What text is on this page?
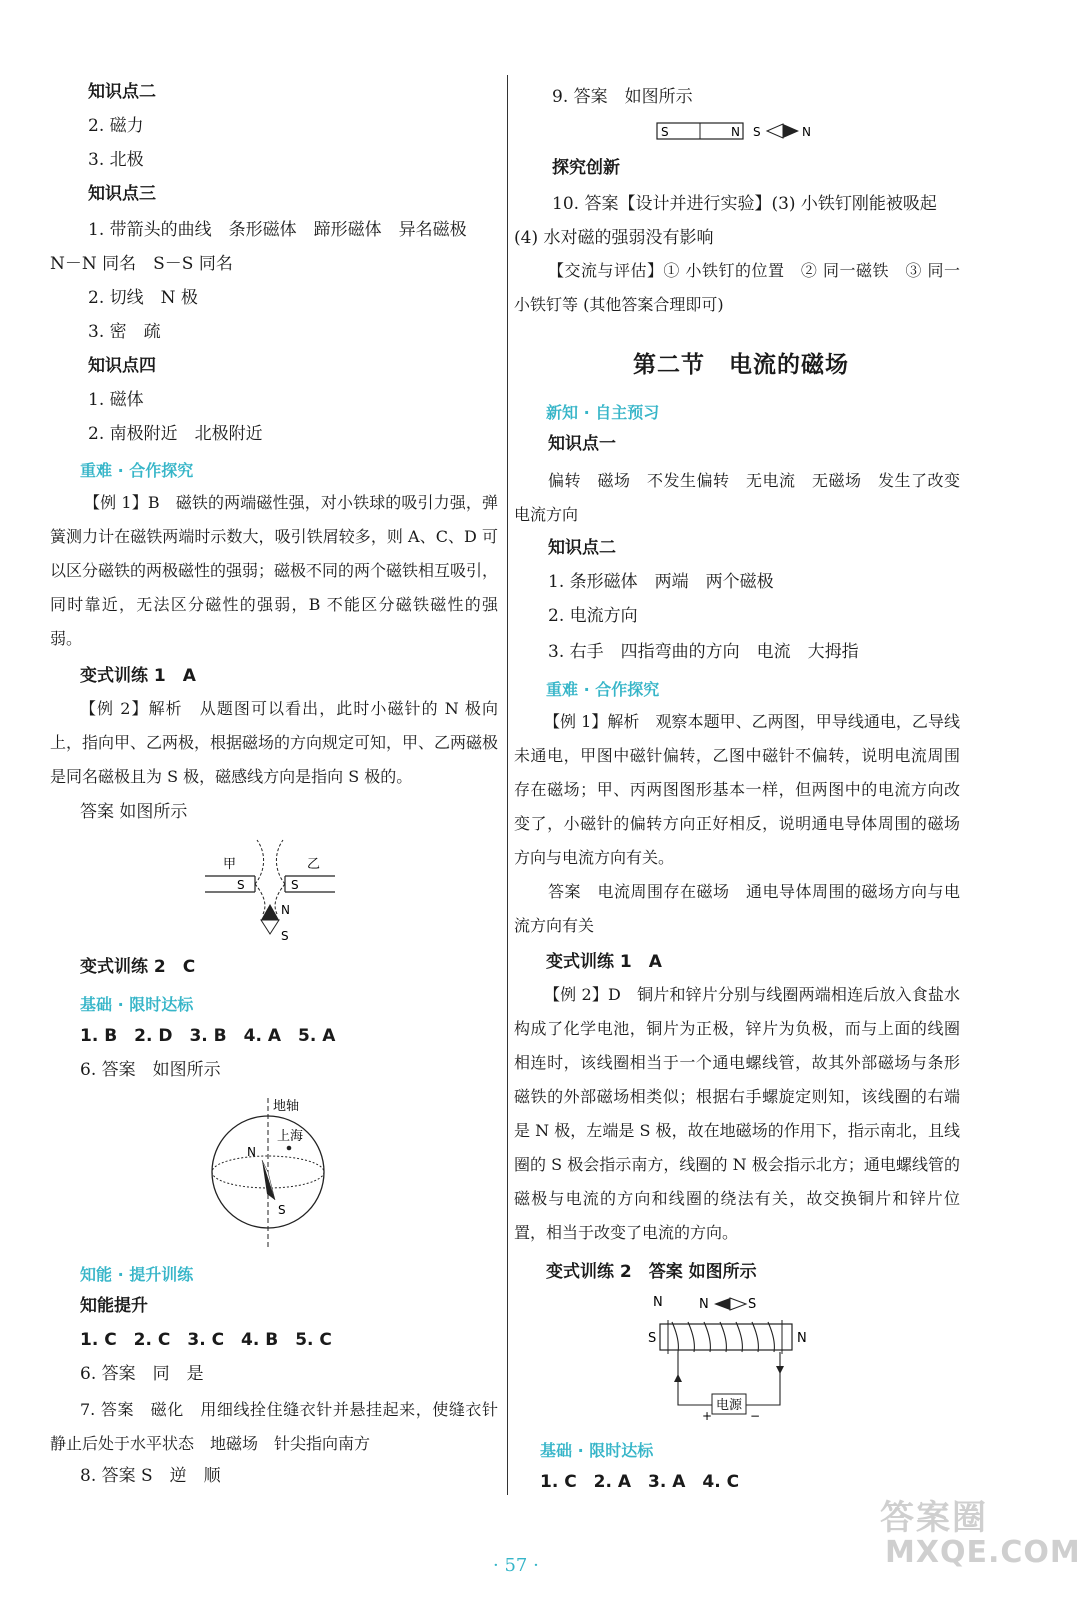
知识点二
2. 磁力
3. 北极
知识点三
1. 带箭头的曲线　条形磁体　蹄形磁体　异名磁极
N－N 同名　S－S 同名
2. 切线　N 极
3. 密　疏
知识点四
1. 磁体
2. 南极附近　北极附近
重难 · 合作探究
【例 1】B　磁铁的两端磁性强，对小铁球的吸引力强，弹簧测力计在磁铁两端时示数大，吸引铁屑较多，则 A、C、D 可以区分磁铁的两极磁性的强弱；磁极不同的两个磁铁相互吸引，同时靠近，无法区分磁性的强弱，B 不能区分磁铁磁性的强弱。
变式训练 1　A
【例 2】解析　从题图可以看出，此时小磁针的 N 极向上，指向甲、乙两极，根据磁场的方向规定可知，甲、乙两磁极是同名磁极且为 S 极，磁感线方向是指向 S 极的。
答案 如图所示
甲	乙
S	S
N
S
变式训练 2　C
基础 · 限时达标
1. B　2. D　3. B　4. A　5. A
6. 答案　如图所示
地轴
上海
N
S
知能 · 提升训练
知能提升
1. C　2. C　3. C　4. B　5. C
6. 答案　同　是
7. 答案　磁化　用细线拴住缝衣针并悬挂起来，使缝衣针静止后处于水平状态　地磁场　针尖指向南方
8. 答案 S　逆　顺
9. 答案　如图所示
S	N S	N
探究创新
10. 答案【设计并进行实验】(3) 小铁钉刚能被吸起
(4) 水对磁的强弱没有影响
【交流与评估】① 小铁钉的位置　② 同一磁铁　③ 同一小铁钉等 (其他答案合理即可)
第二节　电流的磁场
新知 · 自主预习
知识点一
偏转　磁场　不发生偏转　无电流　无磁场　发生了改变　电流方向
知识点二
1. 条形磁体　两端　两个磁极
2. 电流方向
3. 右手　四指弯曲的方向　电流　大拇指
重难 · 合作探究
【例 1】解析　观察本题甲、乙两图，甲导线通电，乙导线未通电，甲图中磁针偏转，乙图中磁针不偏转，说明电流周围存在磁场；甲、丙两图图形基本一样，但两图中的电流方向改变了，小磁针的偏转方向正好相反，说明通电导体周围的磁场方向与电流方向有关。
答案　电流周围存在磁场　通电导体周围的磁场方向与电流方向有关
变式训练 1　A
【例 2】D　铜片和锌片分别与线圈两端相连后放入食盐水构成了化学电池，铜片为正极，锌片为负极，而与上面的线圈相连时，该线圈相当于一个通电螺线管，故其外部磁场与条形磁铁的外部磁场相类似；根据右手螺旋定则知，该线圈的右端是 N 极，左端是 S 极，故在地磁场的作用下，指示南北，且线圈的 S 极会指示南方，线圈的 N 极会指示北方；通电螺线管的磁极与电流的方向和线圈的绕法有关，故交换铜片和锌片位置，相当于改变了电流的方向。
变式训练 2　答案 如图所示
N	N	S
S	N
电源
+	−
基础 · 限时达标
1. C　2. A　3. A　4. C
· 57 ·
答案圈
MXQE.COM
